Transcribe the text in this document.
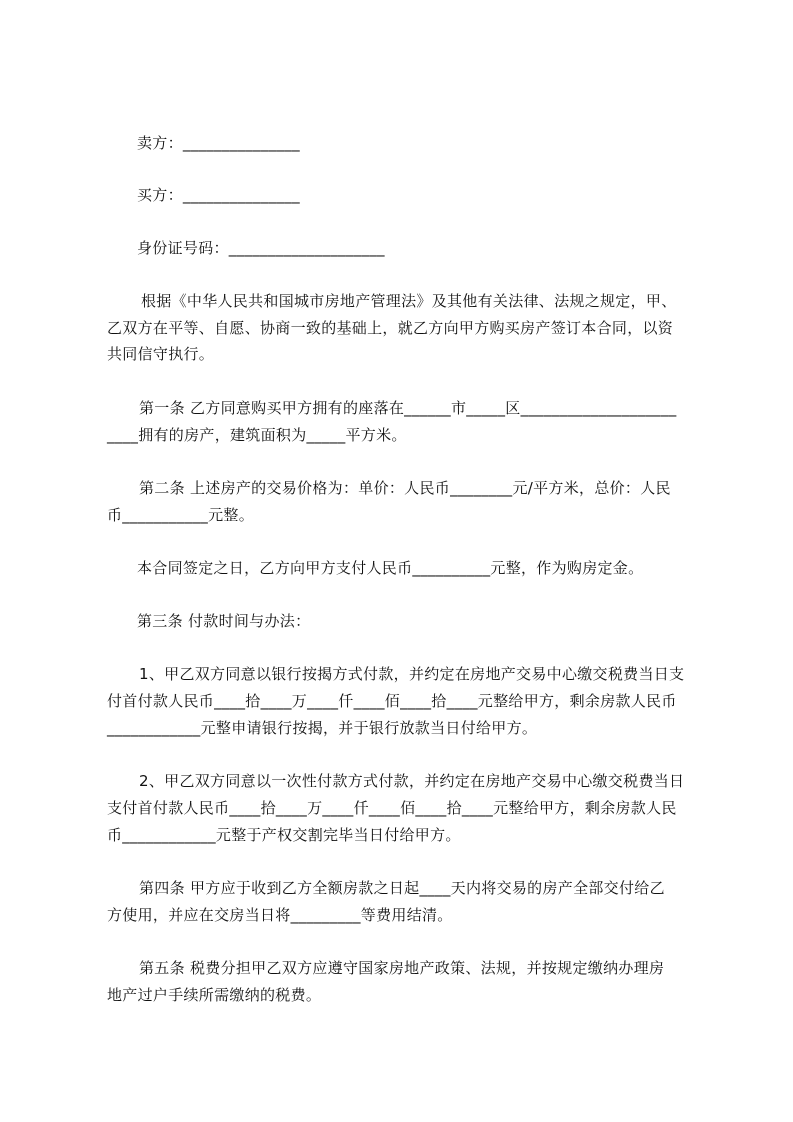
卖方：_______________
买方：_______________
身份证号码：____________________
根据《中华人民共和国城市房地产管理法》及其他有关法律、法规之规定，甲、
乙双方在平等、自愿、协商一致的基础上，就乙方向甲方购买房产签订本合同，以资
共同信守执行。
第一条 乙方同意购买甲方拥有的座落在______市_____区____________________
____拥有的房产，建筑面积为_____平方米。
第二条 上述房产的交易价格为：单价：人民币________元/平方米，总价：人民
币___________元整。
本合同签定之日，乙方向甲方支付人民币__________元整，作为购房定金。
第三条 付款时间与办法：
1、甲乙双方同意以银行按揭方式付款，并约定在房地产交易中心缴交税费当日支
付首付款人民币____拾____万____仟____佰____拾____元整给甲方，剩余房款人民币
____________元整申请银行按揭，并于银行放款当日付给甲方。
2、甲乙双方同意以一次性付款方式付款，并约定在房地产交易中心缴交税费当日
支付首付款人民币____拾____万____仟____佰____拾____元整给甲方，剩余房款人民
币____________元整于产权交割完毕当日付给甲方。
第四条 甲方应于收到乙方全额房款之日起____天内将交易的房产全部交付给乙
方使用，并应在交房当日将_________等费用结清。
第五条 税费分担甲乙双方应遵守国家房地产政策、法规，并按规定缴纳办理房
地产过户手续所需缴纳的税费。
